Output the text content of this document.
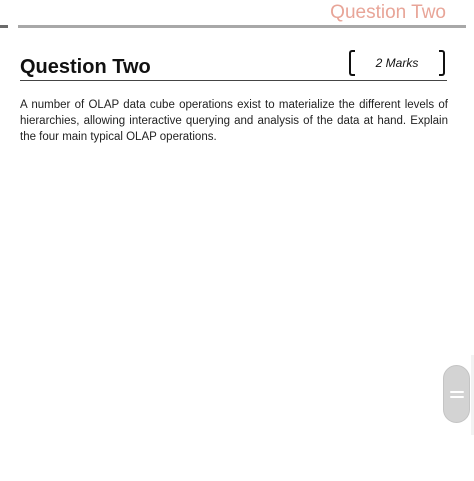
Question Two
Question Two	2 Marks
A number of OLAP data cube operations exist to materialize the different levels of hierarchies, allowing interactive querying and analysis of the data at hand. Explain the four main typical OLAP operations.
